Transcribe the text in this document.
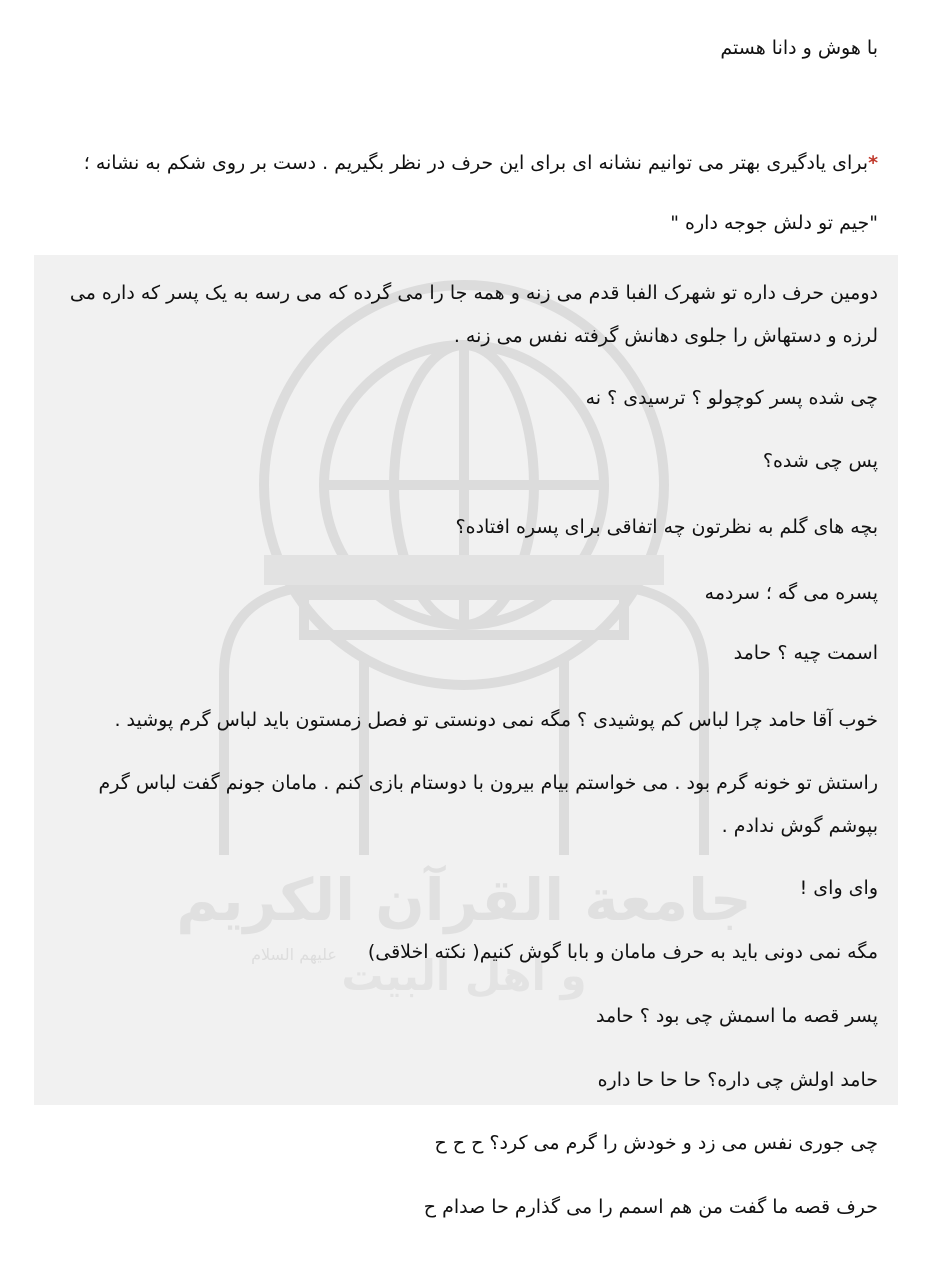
جامعة القرآن الكريم
و اهل البيت
عليهم السلام
با هوش و دانا هستم
*برای یادگیری بهتر می توانیم نشانه ای برای این حرف در نظر بگیریم . دست بر روی شکم به نشانه ؛
"جیم تو دلش جوجه داره "
دومین حرف داره تو شهرک الفبا قدم می زنه و همه جا را می گرده که می رسه به یک پسر که داره می لرزه و دستهاش را جلوی دهانش گرفته نفس می زنه .
چی شده پسر کوچولو ؟ ترسیدی ؟ نه
پس چی شده؟
بچه های گلم به نظرتون چه اتفاقی برای پسره افتاده؟
پسره می گه ؛ سردمه
اسمت چیه ؟ حامد
خوب آقا حامد چرا لباس کم پوشیدی ؟ مگه نمی دونستی تو فصل زمستون باید لباس گرم پوشید .
راستش تو خونه گرم بود . می خواستم بیام بیرون با دوستام بازی کنم . مامان جونم گفت لباس گرم بپوشم گوش ندادم .
وای وای !
مگه نمی دونی باید به حرف مامان و بابا گوش کنیم( نکته اخلاقی)
پسر قصه ما اسمش چی بود ؟ حامد
حامد اولش چی داره؟ حا حا حا داره
چی جوری نفس می زد و خودش را گرم می کرد؟ ح ح ح
حرف قصه ما گفت من هم اسمم را می گذارم حا صدام ح
